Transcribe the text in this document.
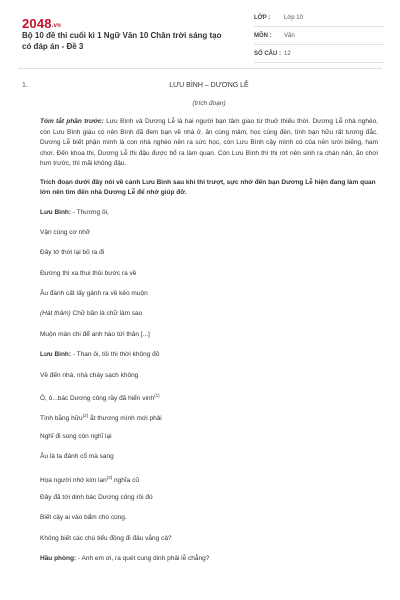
2048.vn
Bộ 10 đề thi cuối kì 1 Ngữ Văn 10 Chân trời sáng tạo có đáp án - Đề 3
LỚP : Lớp 10
MÔN : Văn
SỐ CÂU : 12
1.	LƯU BÌNH – DƯƠNG LỄ
(trích đoạn)
Tóm tắt phần trước: Lưu Bình và Dương Lễ là hai người bạn tâm giao từ thuở thiếu thời. Dương Lễ nhà nghèo, còn Lưu Bình giàu có nên Bình đã đem bạn về nhà ở, ăn cùng mâm, học cùng đèn, tình bạn hữu rất tương đắc. Dương Lễ biết phận mình là con nhà nghèo nên ra sức học, còn Lưu Bình cậy mình có của nên lười biếng, ham chơi. Đến khoa thi, Dương Lễ thi đậu được bổ ra làm quan. Còn Lưu Bình thì thi rớt nên sinh ra chán nản, ăn chơi hơn trước, thì mãi không đậu.
Trích đoạn dưới đây nói về cảnh Lưu Bình sau khi thi trượt, sực nhớ đến bạn Dương Lễ hiện đang làm quan lớn nên tìm đến nhà Dương Lễ để nhờ giúp đỡ.
Lưu Bình: - Thương ôi,
Vận cùng cơ nhỡ
Đây tớ thời lại bỏ ra đi
Đường thì xa thui thủi bước ra về
Âu đành cất lấy gánh ra về kẻo muộn
(Hát thâm) Chữ bần là chữ làm sao
Muộn màn chi để anh hào tứi thân [...]
Lưu Bình: - Than ôi, tôi thì thời không đỏ
Về đến nhà, nhà cháy sạch không
Ô, ô...bác Dương công rầy đã hiển vinh$^{(1)}$
Tình bằng hữu$^{(2)}$ ắt thương mình mới phải
Nghĩ đi song còn nghĩ lại
Âu là ta đánh cổ mà sang
Họa người nhớ kim lan$^{(3)}$ nghĩa cũ
Đây đã tới dinh bác Dương công rồi đó
Biết cậy ai vào bẩm cho cùng.
Không biết các chú tiểu đồng đi đâu vắng cả?
Hầu phòng: - Anh em ơi, ra quét cung dinh phải lễ chẳng?
